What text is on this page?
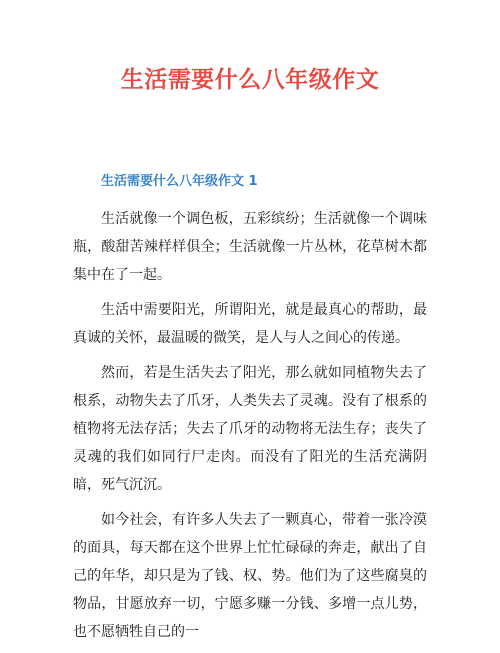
生活需要什么八年级作文
生活需要什么八年级作文 1

生活就像一个调色板，五彩缤纷；生活就像一个调味瓶，酸甜苦辣样样俱全；生活就像一片丛林，花草树木都集中在了一起。

生活中需要阳光，所谓阳光，就是最真心的帮助，最真诚的关怀，最温暖的微笑，是人与人之间心的传递。

然而，若是生活失去了阳光，那么就如同植物失去了根系，动物失去了爪牙，人类失去了灵魂。没有了根系的植物将无法存活；失去了爪牙的动物将无法生存；丧失了灵魂的我们如同行尸走肉。而没有了阳光的生活充满阴暗，死气沉沉。

如今社会，有许多人失去了一颗真心，带着一张冷漠的面具，每天都在这个世界上忙忙碌碌的奔走，献出了自己的年华，却只是为了钱、权、势。他们为了这些腐臭的物品，甘愿放弃一切，宁愿多赚一分钱、多增一点儿势，也不愿牺牲自己的一
